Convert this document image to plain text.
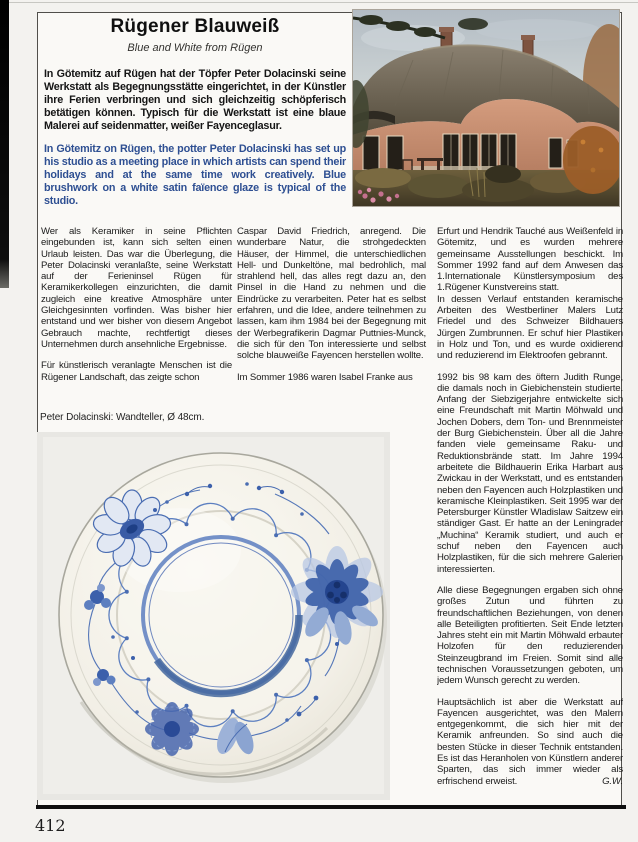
Rügener Blauweiß
Blue and White from Rügen

In Götemitz auf Rügen hat der Töpfer Peter Dolacinski seine Werkstatt als Begegnungsstätte eingerichtet, in der Künstler ihre Ferien verbringen und sich gleichzeitig schöpferisch betätigen können. Typisch für die Werkstatt ist eine blaue Malerei auf seidenmatter, weißer Fayenceglasur.

In Götemitz on Rügen, the potter Peter Dolacinski has set up his studio as a meeting place in which artists can spend their holidays and at the same time work creatively. Blue brushwork on a white satin faïence glaze is typical of the studio.

Wer als Keramiker in seine Pflichten eingebunden ist, kann sich selten einen Urlaub leisten. Das war die Überlegung, die Peter Dolacinski veranlaßte, seine Werkstatt auf der Ferieninsel Rügen für Keramikerkollegen einzurichten, die damit zugleich eine kreative Atmosphäre unter Gleichgesinnten vorfinden. Was bisher hier entstand und wer bisher von diesem Angebot Gebrauch machte, rechtfertigt dieses Unternehmen durch ansehnliche Ergebnisse.

Für künstlerisch veranlagte Menschen ist die Rügener Landschaft, das zeigte schon

Caspar David Friedrich, anregend. Die wunderbare Natur, die strohgedeckten Häuser, der Himmel, die unterschiedlichen Hell- und Dunkeltöne, mal bedrohlich, mal strahlend hell, das alles regt dazu an, den Pinsel in die Hand zu nehmen und die Eindrücke zu verarbeiten. Peter hat es selbst erfahren, und die Idee, andere teilnehmen zu lassen, kam ihm 1984 bei der Begegnung mit der Werbegrafikerin Dagmar Puttnies-Munck, die sich für den Ton interessierte und selbst solche blauweiße Fayencen herstellen wollte.

Im Sommer 1986 waren Isabel Franke aus

Erfurt und Hendrik Tauché aus Weißenfeld in Götemitz, und es wurden mehrere gemeinsame Ausstellungen beschickt. Im Sommer 1992 fand auf dem Anwesen das 1.Internationale Künstlersymposium des 1.Rügener Kunstvereins statt.

In dessen Verlauf entstanden keramische Arbeiten des Westberliner Malers Lutz Friedel und des Schweizer Bildhauers Jürgen Zumbrunnen. Er schuf hier Plastiken in Holz und Ton, und es wurde oxidierend und reduzierend im Elektroofen gebrannt.

1992 bis 98 kam des öftern Judith Runge, die damals noch in Giebichenstein studierte. Anfang der Siebzigerjahre entwickelte sich eine Freundschaft mit Martin Möhwald und Jochen Dobers, dem Ton- und Brennmeister der Burg Giebichenstein. Über all die Jahre fanden viele gemeinsame Raku- und Reduktionsbrände statt. Im Jahre 1994 arbeitete die Bildhauerin Erika Harbart aus Zwickau in der Werkstatt, und es entstanden neben den Fayencen auch Holzplastiken und keramische Kleinplastiken. Seit 1995 war der Petersburger Künstler Wladislaw Saitzew ein ständiger Gast. Er hatte an der Leningrader „Muchina“ Keramik studiert, und auch er schuf neben den Fayencen auch Holzplastiken, für die sich mehrere Galerien interessierten.

Alle diese Begegnungen ergaben sich ohne großes Zutun und führten zu freundschaftlichen Beziehungen, von denen alle Beteiligten profitierten. Seit Ende letzten Jahres steht ein mit Martin Möhwald erbauter Holzofen für den reduzierenden Steinzeugbrand im Freien. Somit sind alle technischen Voraussetzungen geboten, um jedem Wunsch gerecht zu werden.

Hauptsächlich ist aber die Werkstatt auf Fayencen ausgerichtet, was den Malern entgegenkommt, die sich hier mit der Keramik anfreunden. So sind auch die besten Stücke in dieser Technik entstanden. Es ist das Heranholen von Künstlern anderer Sparten, das sich immer wieder als erfrischend erweist.	G.W.

Peter Dolacinski: Wandteller, Ø 48cm.
412
